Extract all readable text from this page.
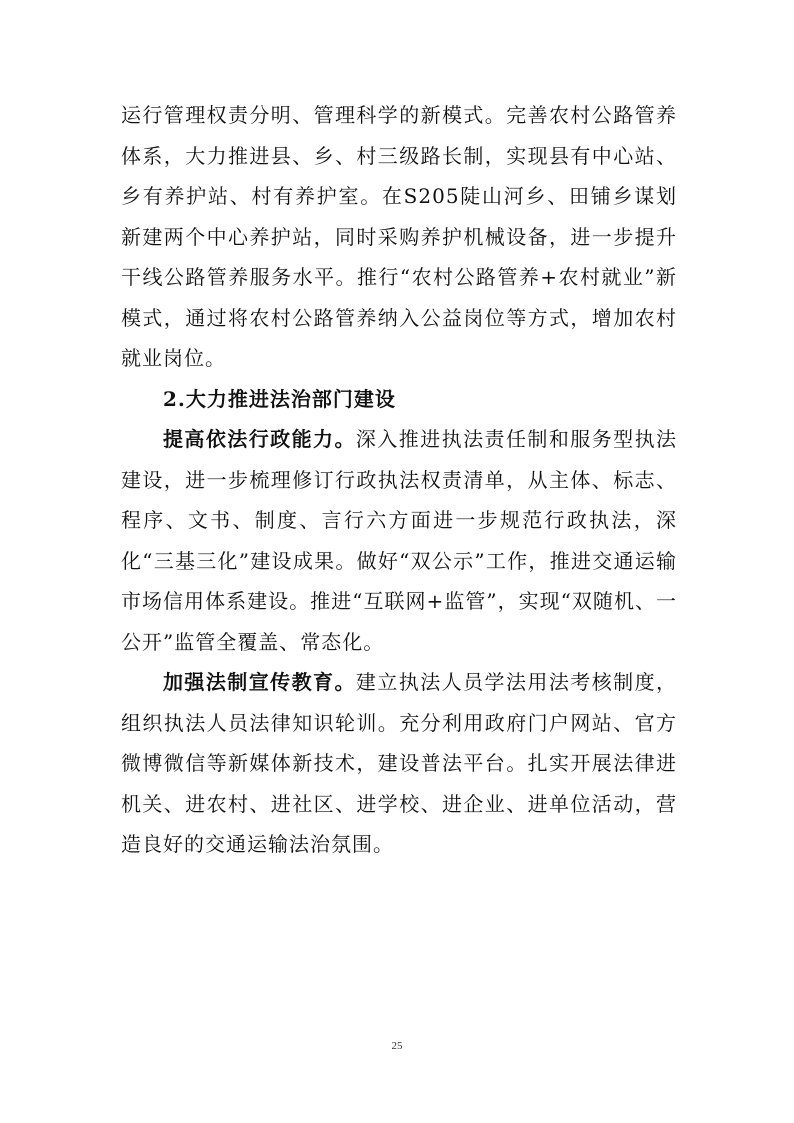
运行管理权责分明、管理科学的新模式。完善农村公路管养体系，大力推进县、乡、村三级路长制，实现县有中心站、乡有养护站、村有养护室。在S205陡山河乡、田铺乡谋划新建两个中心养护站，同时采购养护机械设备，进一步提升干线公路管养服务水平。推行“农村公路管养+农村就业”新模式，通过将农村公路管养纳入公益岗位等方式，增加农村就业岗位。

2.大力推进法治部门建设

提高依法行政能力。深入推进执法责任制和服务型执法建设，进一步梳理修订行政执法权责清单，从主体、标志、程序、文书、制度、言行六方面进一步规范行政执法，深化“三基三化”建设成果。做好“双公示”工作，推进交通运输市场信用体系建设。推进“互联网+监管”，实现“双随机、一公开”监管全覆盖、常态化。

加强法制宣传教育。建立执法人员学法用法考核制度，组织执法人员法律知识轮训。充分利用政府门户网站、官方微博微信等新媒体新技术，建设普法平台。扎实开展法律进机关、进农村、进社区、进学校、进企业、进单位活动，营造良好的交通运输法治氛围。

25
